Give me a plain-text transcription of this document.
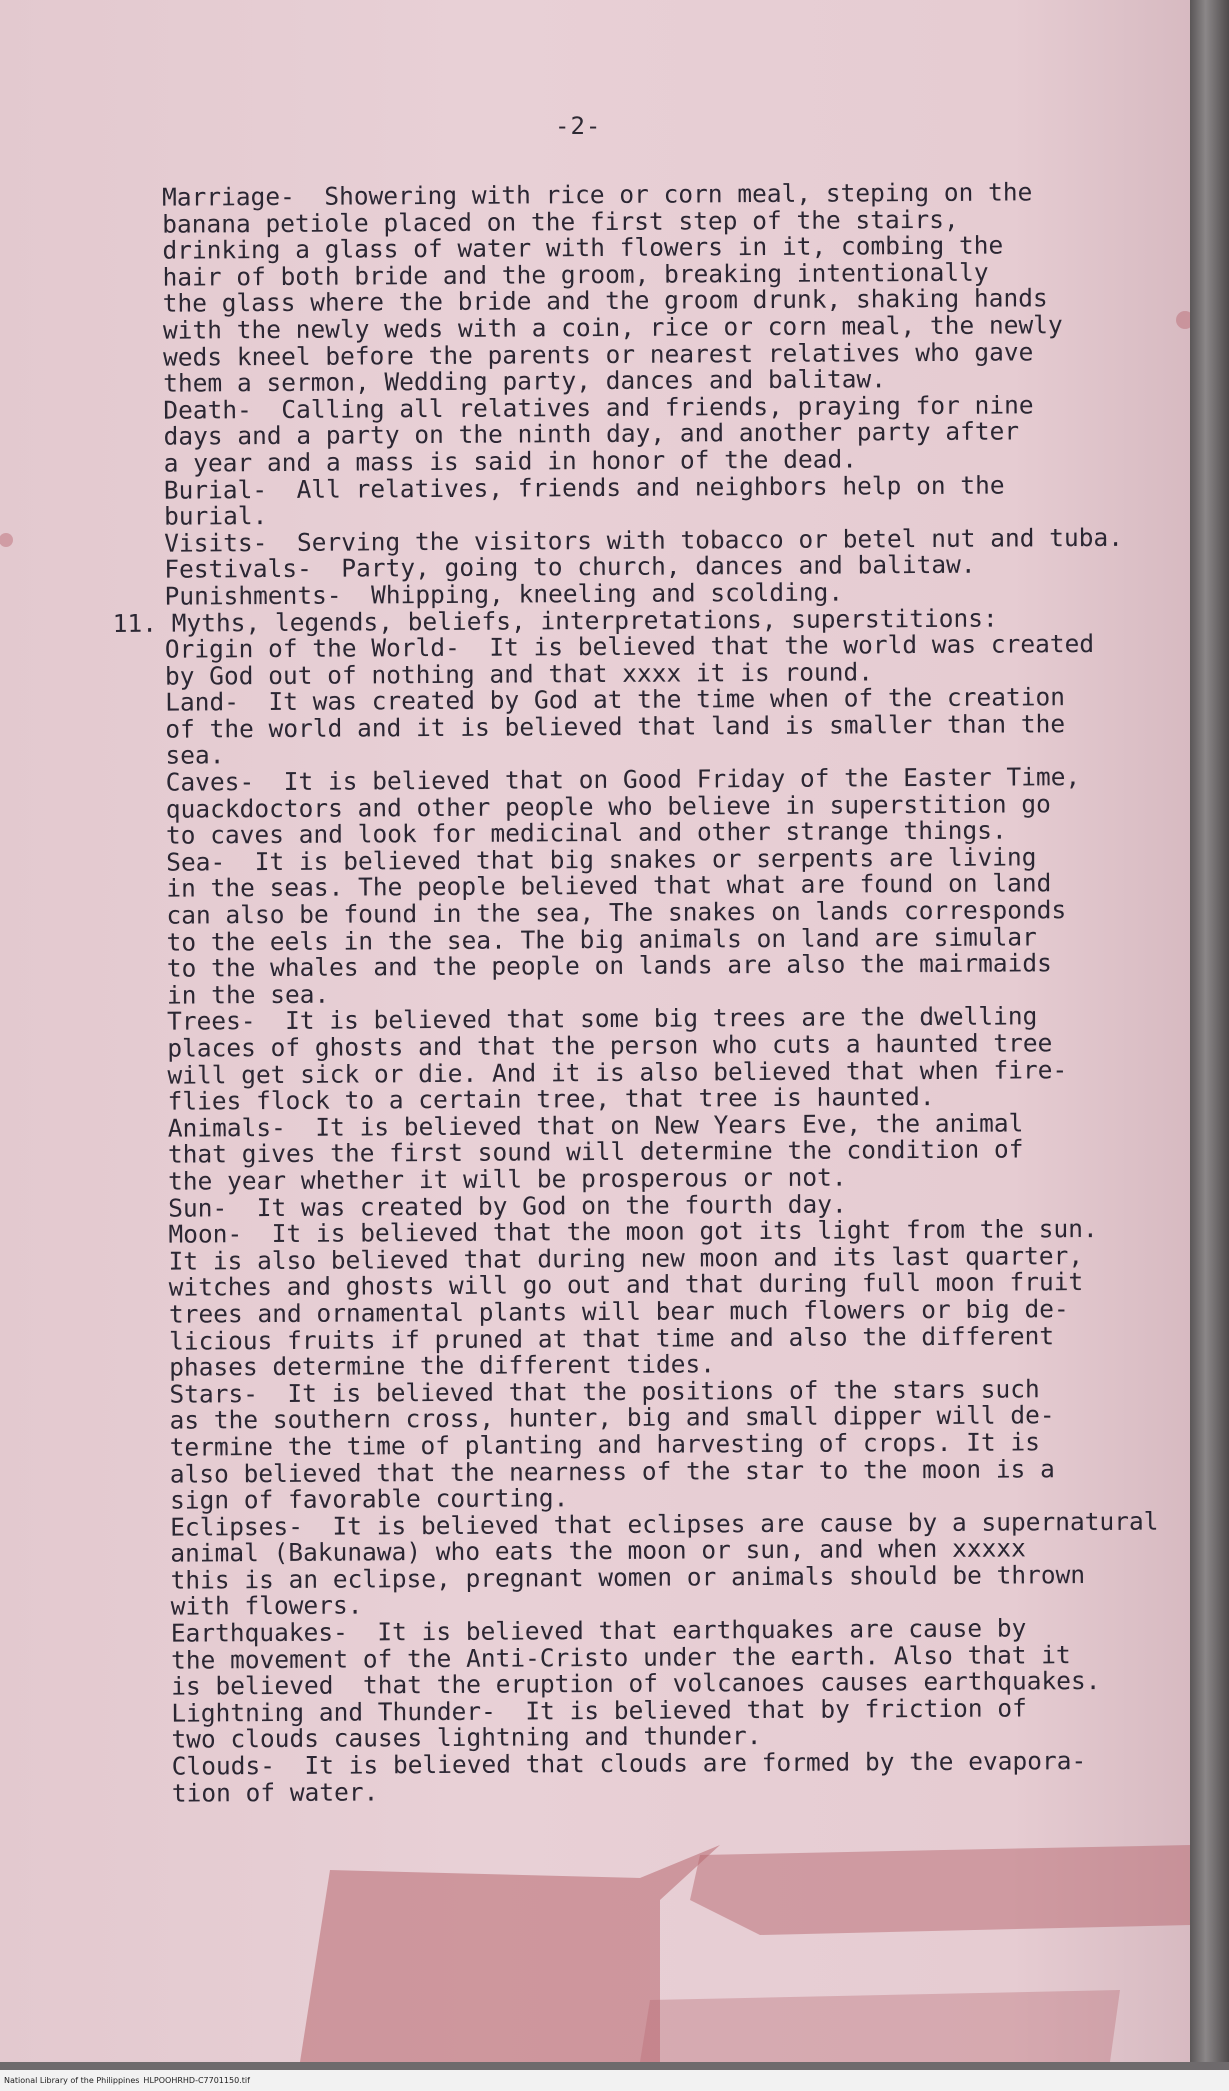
-2-
Marriage-  Showering with rice or corn meal, steping on the
banana petiole placed on the first step of the stairs,
drinking a glass of water with flowers in it, combing the
hair of both bride and the groom, breaking intentionally
the glass where the bride and the groom drunk, shaking hands
with the newly weds with a coin, rice or corn meal, the newly
weds kneel before the parents or nearest relatives who gave
them a sermon, Wedding party, dances and balitaw.
Death-  Calling all relatives and friends, praying for nine
days and a party on the ninth day, and another party after
a year and a mass is said in honor of the dead.
Burial-  All relatives, friends and neighbors help on the
burial.
Visits-  Serving the visitors with tobacco or betel nut and tuba.
Festivals-  Party, going to church, dances and balitaw.
Punishments-  Whipping, kneeling and scolding.
11. Myths, legends, beliefs, interpretations, superstitions:
Origin of the World-  It is believed that the world was created
by God out of nothing and that xxxx it is round.
Land-  It was created by God at the time when of the creation
of the world and it is believed that land is smaller than the
sea.
Caves-  It is believed that on Good Friday of the Easter Time,
quackdoctors and other people who believe in superstition go
to caves and look for medicinal and other strange things.
Sea-  It is believed that big snakes or serpents are living
in the seas. The people believed that what are found on land
can also be found in the sea, The snakes on lands corresponds
to the eels in the sea. The big animals on land are simular
to the whales and the people on lands are also the mairmaids
in the sea.
Trees-  It is believed that some big trees are the dwelling
places of ghosts and that the person who cuts a haunted tree
will get sick or die. And it is also believed that when fire-
flies flock to a certain tree, that tree is haunted.
Animals-  It is believed that on New Years Eve, the animal
that gives the first sound will determine the condition of
the year whether it will be prosperous or not.
Sun-  It was created by God on the fourth day.
Moon-  It is believed that the moon got its light from the sun.
It is also believed that during new moon and its last quarter,
witches and ghosts will go out and that during full moon fruit
trees and ornamental plants will bear much flowers or big de-
licious fruits if pruned at that time and also the different
phases determine the different tides.
Stars-  It is believed that the positions of the stars such
as the southern cross, hunter, big and small dipper will de-
termine the time of planting and harvesting of crops. It is
also believed that the nearness of the star to the moon is a
sign of favorable courting.
Eclipses-  It is believed that eclipses are cause by a supernatural
animal (Bakunawa) who eats the moon or sun, and when xxxxx
this is an eclipse, pregnant women or animals should be thrown
with flowers.
Earthquakes-  It is believed that earthquakes are cause by
the movement of the Anti-Cristo under the earth. Also that it
is believed  that the eruption of volcanoes causes earthquakes.
Lightning and Thunder-  It is believed that by friction of
two clouds causes lightning and thunder.
Clouds-  It is believed that clouds are formed by the evapora-
tion of water.
National Library of the Philippines HLPOOHRHD-C7701150.tif
